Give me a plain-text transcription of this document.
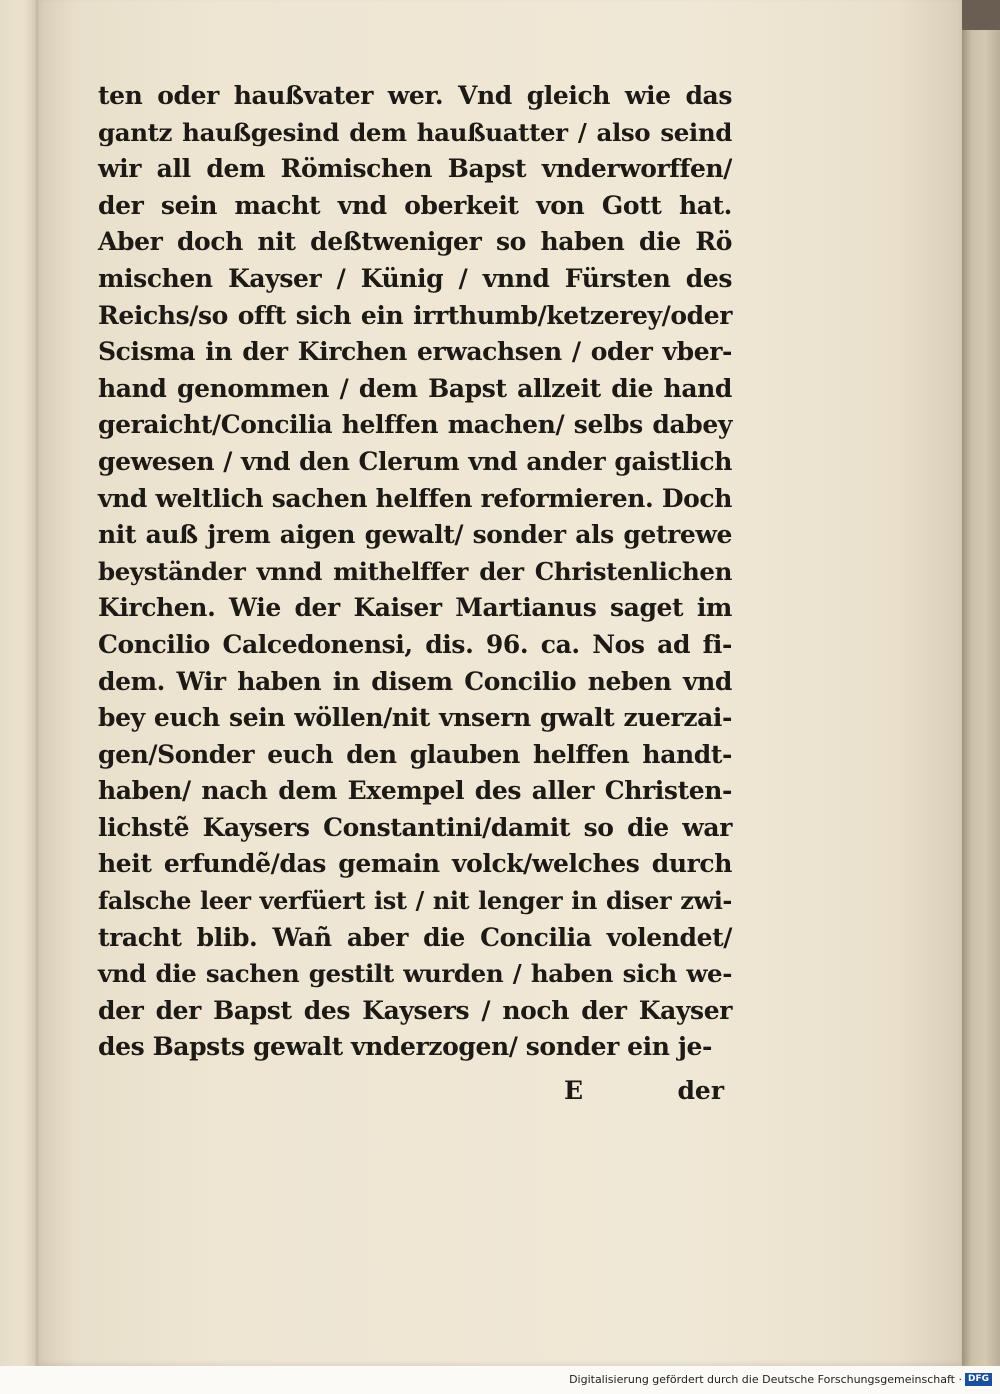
ten oder haußvater wer. Vnd gleich wie das
gantz haußgesind dem haußuatter / also seind
wir all dem Römischen Bapst vnderworffen/
der sein macht vnd oberkeit von Gott hat.
Aber doch nit deßtweniger so haben die Rö
mischen Kayser / Künig / vnnd Fürsten des
Reichs/so offt sich ein irrthumb/ketzerey/oder
Scisma in der Kirchen erwachsen / oder vber-
hand genommen / dem Bapst allzeit die hand
geraicht/Concilia helffen machen/ selbs dabey
gewesen / vnd den Clerum vnd ander gaistlich
vnd weltlich sachen helffen reformieren. Doch
nit auß jrem aigen gewalt/ sonder als getrewe
beyständer vnnd mithelffer der Christenlichen
Kirchen. Wie der Kaiser Martianus saget im
Concilio Calcedonensi, dis. 96. ca. Nos ad fi-
dem. Wir haben in disem Concilio neben vnd
bey euch sein wöllen/nit vnsern gwalt zuerzai-
gen/Sonder euch den glauben helffen handt-
haben/ nach dem Exempel des aller Christen-
lichstẽ Kaysers Constantini/damit so die war
heit erfundẽ/das gemain volck/welches durch
falsche leer verfüert ist / nit lenger in diser zwi-
tracht blib. Wañ aber die Concilia volendet/
vnd die sachen gestilt wurden / haben sich we-
der der Bapst des Kaysers / noch der Kayser
des Bapsts gewalt vnderzogen/ sonder ein je-
E	der
Digitalisierung gefördert durch die Deutsche Forschungsgemeinschaft · DFG
